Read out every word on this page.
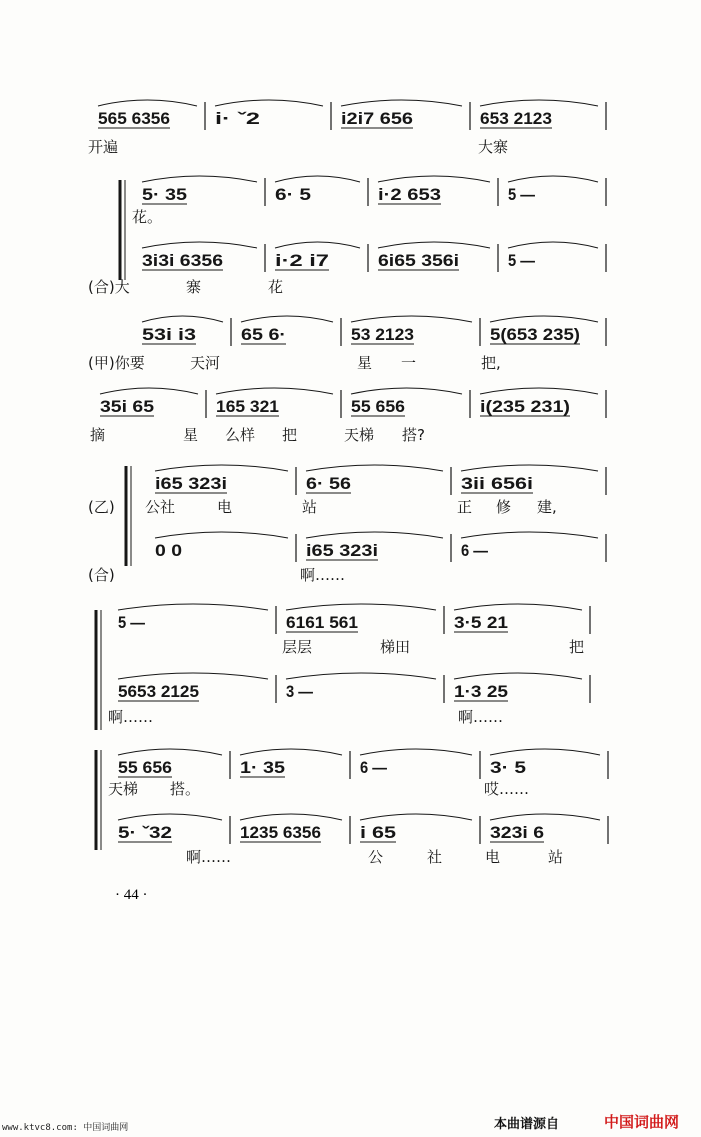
565 6356	i· ˇ2	i2i7 656	653 2123
开遍	大寨
5· 35	6· 5	i·2 653	5 —
花。
3i3i 6356	i·2 i7	6i65 356i	5 —
(合)大	寨	花
53i i3	65 6·	53 2123	5(653 235)
(甲)你要	天河	星 一	把,
35i 65	165 321	55 656	i(235 231)
摘	星 么样 把	天梯 搭?
i65 323i	6· 56	3ii 656i
(乙) 公社	电	站	正 修 建,
0 0	i65 323i	6 —
(合)	啊……
5 —	6161 561	3·5 21
层层	梯田	把
5653 2125	3 —	1·3 25
啊……	啊……
55 656	1· 35	6 —	3· 5
天梯 搭。	哎……
5· ˇ32	1235 6356 i 65	323i 6
啊……	公	社	电	站
· 44 ·
www.ktvc8.com: 中国词曲网	本曲谱源自	中国词曲网
